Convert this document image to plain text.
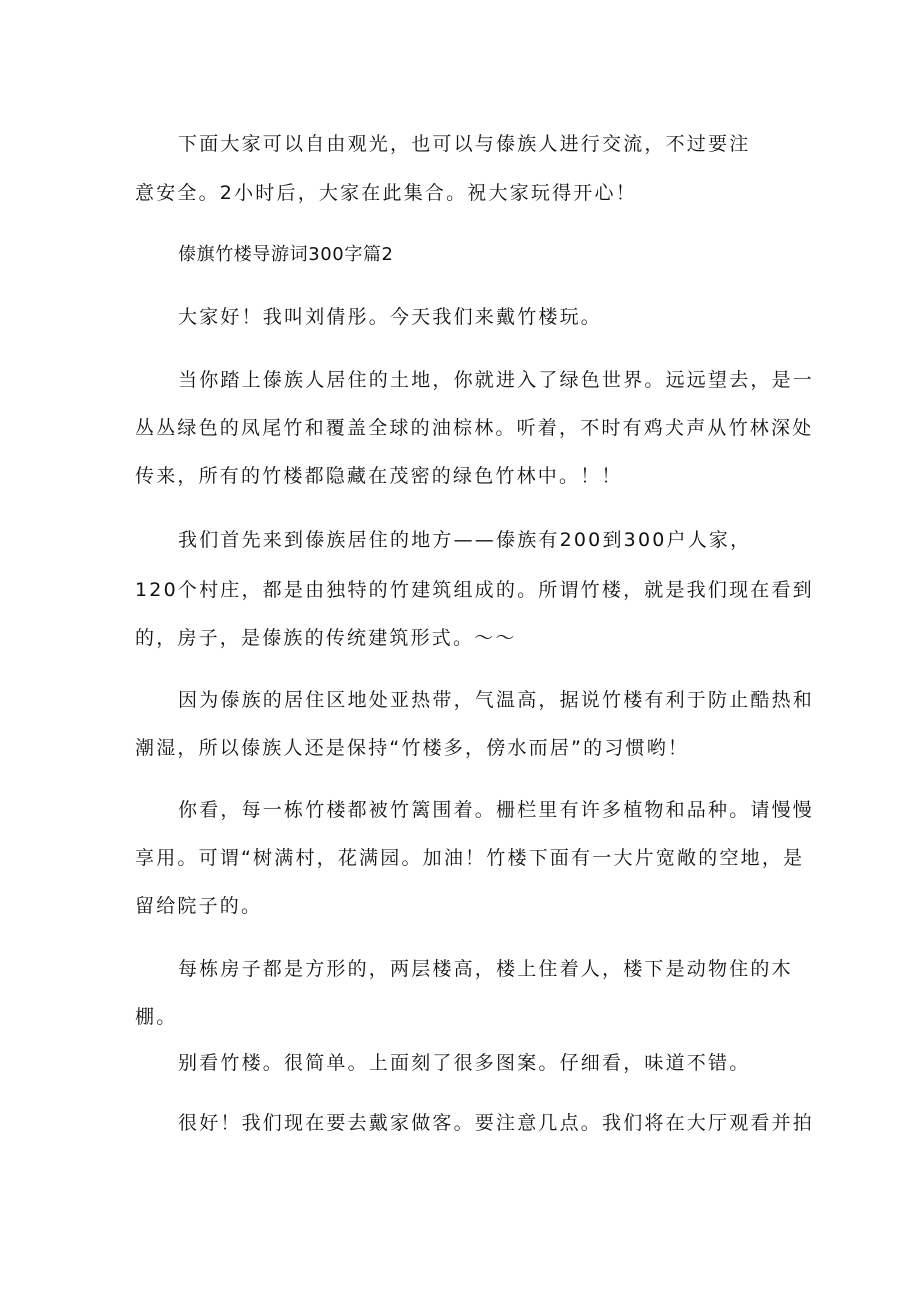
下面大家可以自由观光，也可以与傣族人进行交流，不过要注
意安全。2小时后，大家在此集合。祝大家玩得开心！
傣旗竹楼导游词300字篇2
大家好！我叫刘倩彤。今天我们来戴竹楼玩。
当你踏上傣族人居住的土地，你就进入了绿色世界。远远望去，是一
丛丛绿色的凤尾竹和覆盖全球的油棕林。听着，不时有鸡犬声从竹林深处
传来，所有的竹楼都隐藏在茂密的绿色竹林中。！！
我们首先来到傣族居住的地方——傣族有200到300户人家，
120个村庄，都是由独特的竹建筑组成的。所谓竹楼，就是我们现在看到
的，房子，是傣族的传统建筑形式。～～
因为傣族的居住区地处亚热带，气温高，据说竹楼有利于防止酷热和
潮湿，所以傣族人还是保持“竹楼多，傍水而居”的习惯哟！
你看，每一栋竹楼都被竹篱围着。栅栏里有许多植物和品种。请慢慢
享用。可谓“树满村，花满园。加油！竹楼下面有一大片宽敞的空地，是
留给院子的。
每栋房子都是方形的，两层楼高，楼上住着人，楼下是动物住的木
棚。
别看竹楼。很简单。上面刻了很多图案。仔细看，味道不错。
很好！我们现在要去戴家做客。要注意几点。我们将在大厅观看并拍
